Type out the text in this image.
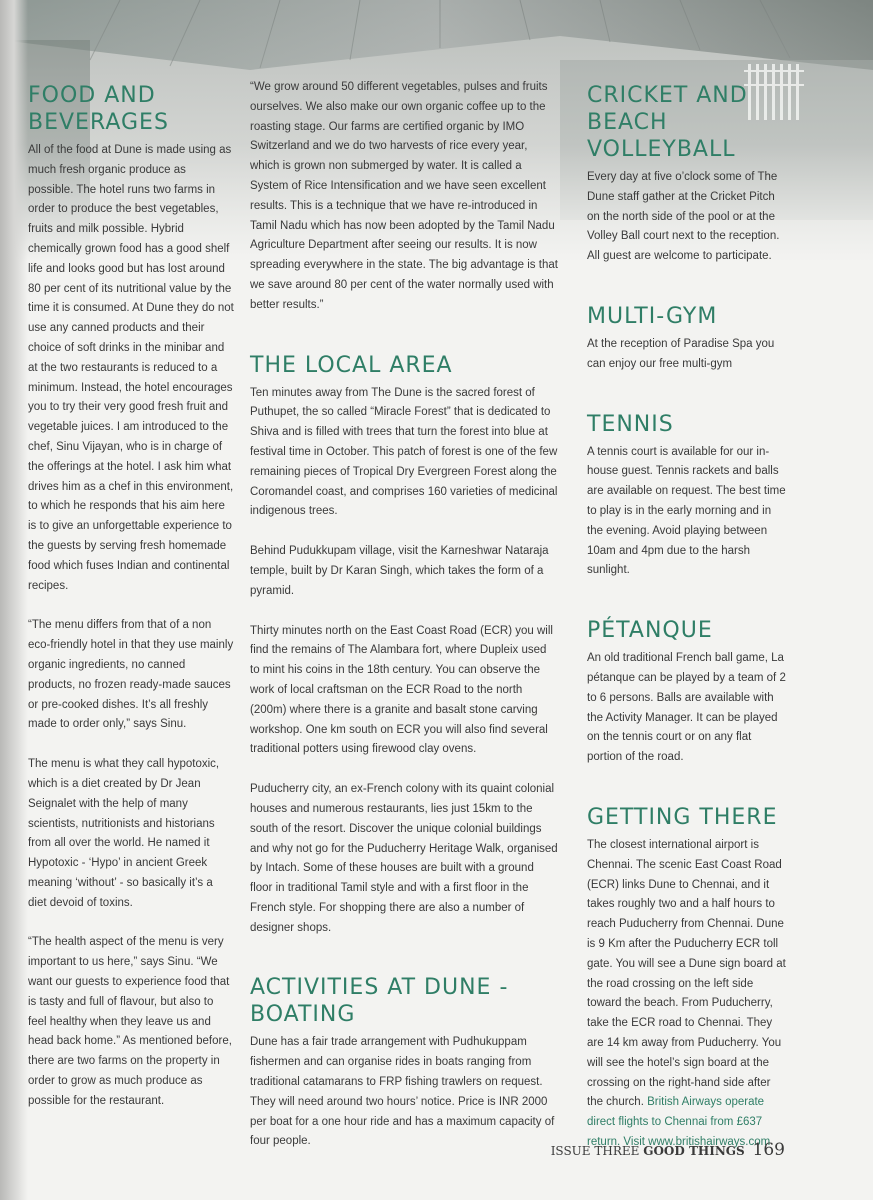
FOOD AND BEVERAGES

All of the food at Dune is made using as much fresh organic produce as possible. The hotel runs two farms in order to produce the best vegetables, fruits and milk possible. Hybrid chemically grown food has a good shelf life and looks good but has lost around 80 per cent of its nutritional value by the time it is consumed. At Dune they do not use any canned products and their choice of soft drinks in the minibar and at the two restaurants is reduced to a minimum. Instead, the hotel encourages you to try their very good fresh fruit and vegetable juices. I am introduced to the chef, Sinu Vijayan, who is in charge of the offerings at the hotel. I ask him what drives him as a chef in this environment, to which he responds that his aim here is to give an unforgettable experience to the guests by serving fresh homemade food which fuses Indian and continental recipes.

“The menu differs from that of a non eco-friendly hotel in that they use mainly organic ingredients, no canned products, no frozen ready-made sauces or pre-cooked dishes. It’s all freshly made to order only,” says Sinu.

The menu is what they call hypotoxic, which is a diet created by Dr Jean Seignalet with the help of many scientists, nutritionists and historians from all over the world. He named it Hypotoxic - ‘Hypo’ in ancient Greek meaning ‘without’ - so basically it’s a diet devoid of toxins.

“The health aspect of the menu is very important to us here,” says Sinu. “We want our guests to experience food that is tasty and full of flavour, but also to feel healthy when they leave us and head back home.” As mentioned before, there are two farms on the property in order to grow as much produce as possible for the restaurant.

“We grow around 50 different vegetables, pulses and fruits ourselves. We also make our own organic coffee up to the roasting stage. Our farms are certified organic by IMO Switzerland and we do two harvests of rice every year, which is grown non submerged by water. It is called a System of Rice Intensification and we have seen excellent results. This is a technique that we have re-introduced in Tamil Nadu which has now been adopted by the Tamil Nadu Agriculture Department after seeing our results. It is now spreading everywhere in the state. The big advantage is that we save around 80 per cent of the water normally used with better results.”

THE LOCAL AREA

Ten minutes away from The Dune is the sacred forest of Puthupet, the so called “Miracle Forest” that is dedicated to Shiva and is filled with trees that turn the forest into blue at festival time in October. This patch of forest is one of the few remaining pieces of Tropical Dry Evergreen Forest along the Coromandel coast, and comprises 160 varieties of medicinal indigenous trees.

Behind Pudukkupam village, visit the Karneshwar Nataraja temple, built by Dr Karan Singh, which takes the form of a pyramid.

Thirty minutes north on the East Coast Road (ECR) you will find the remains of The Alambara fort, where Dupleix used to mint his coins in the 18th century. You can observe the work of local craftsman on the ECR Road to the north (200m) where there is a granite and basalt stone carving workshop. One km south on ECR you will also find several traditional potters using firewood clay ovens.

Puducherry city, an ex-French colony with its quaint colonial houses and numerous restaurants, lies just 15km to the south of the resort. Discover the unique colonial buildings and why not go for the Puducherry Heritage Walk, organised by Intach. Some of these houses are built with a ground floor in traditional Tamil style and with a first floor in the French style. For shopping there are also a number of designer shops.

ACTIVITIES AT DUNE - BOATING

Dune has a fair trade arrangement with Pudhukuppam fishermen and can organise rides in boats ranging from traditional catamarans to FRP fishing trawlers on request. They will need around two hours’ notice. Price is INR 2000 per boat for a one hour ride and has a maximum capacity of four people.

CRICKET AND BEACH VOLLEYBALL

Every day at five o’clock some of The Dune staff gather at the Cricket Pitch on the north side of the pool or at the Volley Ball court next to the reception. All guest are welcome to participate.

MULTI-GYM

At the reception of Paradise Spa you can enjoy our free multi-gym

TENNIS

A tennis court is available for our in-house guest. Tennis rackets and balls are available on request. The best time to play is in the early morning and in the evening. Avoid playing between 10am and 4pm due to the harsh sunlight.

PÉTANQUE

An old traditional French ball game, La pétanque can be played by a team of 2 to 6 persons. Balls are available with the Activity Manager. It can be played on the tennis court or on any flat portion of the road.

GETTING THERE

The closest international airport is Chennai. The scenic East Coast Road (ECR) links Dune to Chennai, and it takes roughly two and a half hours to reach Puducherry from Chennai. Dune is 9 Km after the Puducherry ECR toll gate. You will see a Dune sign board at the road crossing on the left side toward the beach. From Puducherry, take the ECR road to Chennai. They are 14 km away from Puducherry. You will see the hotel’s sign board at the crossing on the right-hand side after the church. British Airways operate direct flights to Chennai from £637 return. Visit www.britishairways.com

ISSUE THREE GOOD THINGS 169
